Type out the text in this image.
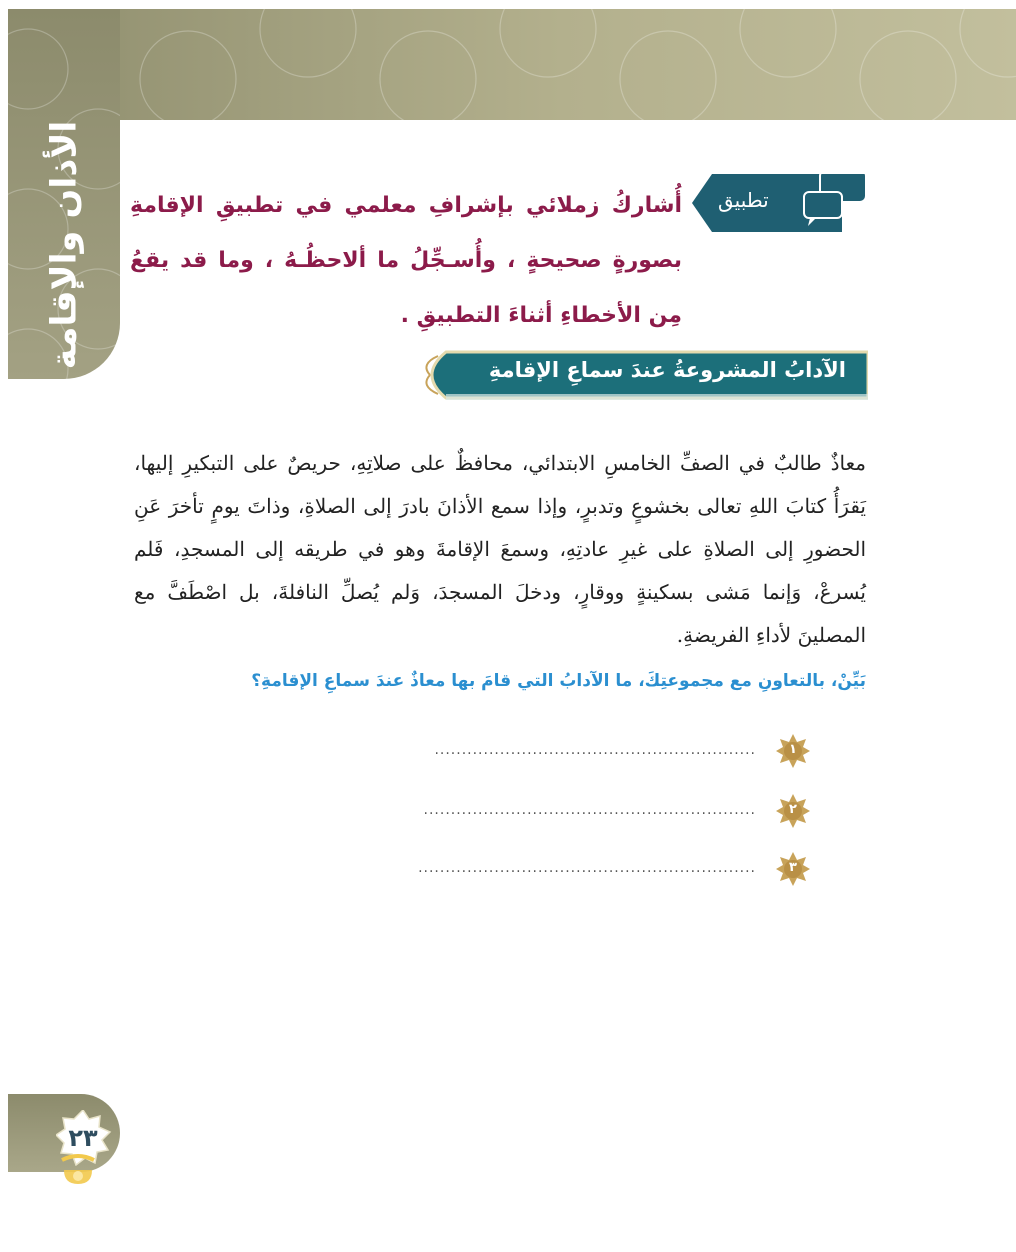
الأذان والإقامة	تطبيق
أُشاركُ زملائي بإشرافِ معلمي في تطبيقِ الإقامةِ بصورةٍ صحيحةٍ ، وأُسـجِّلُ ما ألاحظُـهُ ، وما قد يقعُ مِن الأخطاءِ أثناءَ التطبيقِ .
الآدابُ المشروعةُ عندَ سماعِ الإقامةِ
معاذٌ طالبٌ في الصفِّ الخامسِ الابتدائي، محافظٌ على صلاتِهِ، حريصٌ على التبكيرِ إليها، يَقرَأُ كتابَ اللهِ تعالى بخشوعٍ وتدبرٍ، وإذا سمع الأذانَ بادرَ إلى الصلاةِ، وذاتَ يومٍ تأخرَ عَنِ الحضورِ إلى الصلاةِ على غيرِ عادتِهِ، وسمعَ الإقامةَ وهو في طريقه إلى المسجدِ، فَلم يُسرعْ، وَإنما مَشى بسكينةٍ ووقارٍ، ودخلَ المسجدَ، وَلم يُصلِّ النافلةَ، بل اصْطَفَّ مع المصلينَ لأداءِ الفريضةِ.
بَيِّنْ، بالتعاونِ مع مجموعتِكَ، ما الآدابُ التي قامَ بها معاذٌ عندَ سماعِ الإقامةِ؟
...........................................................	١
.............................................................	٢
..............................................................	٣
٢٣
